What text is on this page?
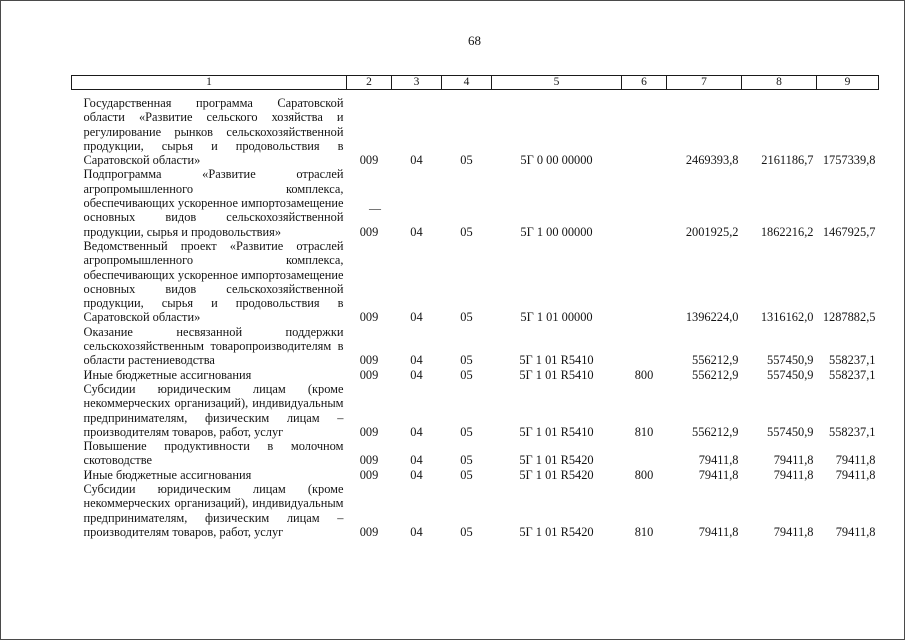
68
—
1	2	3	4	5	6	7	8	9
Государственная программа Саратовской области «Развитие сельского хозяйства и регулирование рынков сельскохозяйственной продукции, сырья и продовольствия в Саратовской области»	009	04	05	5Г 0 00 00000		2469393,8	2161186,7	1757339,8
Подпрограмма «Развитие отраслей агропромышленного комплекса, обеспечивающих ускоренное импортозамещение основных видов сельскохозяйственной продукции, сырья и продовольствия»	009	04	05	5Г 1 00 00000		2001925,2	1862216,2	1467925,7
Ведомственный проект «Развитие отраслей агропромышленного комплекса, обеспечивающих ускоренное импортозамещение основных видов сельскохозяйственной продукции, сырья и продовольствия в Саратовской области»	009	04	05	5Г 1 01 00000		1396224,0	1316162,0	1287882,5
Оказание несвязанной поддержки сельскохозяйственным товаропроизводителям в области растениеводства	009	04	05	5Г 1 01 R5410		556212,9	557450,9	558237,1
Иные бюджетные ассигнования	009	04	05	5Г 1 01 R5410	800	556212,9	557450,9	558237,1
Субсидии юридическим лицам (кроме некоммерческих организаций), индивидуальным предпринимателям, физическим лицам – производителям товаров, работ, услуг	009	04	05	5Г 1 01 R5410	810	556212,9	557450,9	558237,1
Повышение продуктивности в молочном скотоводстве	009	04	05	5Г 1 01 R5420		79411,8	79411,8	79411,8
Иные бюджетные ассигнования	009	04	05	5Г 1 01 R5420	800	79411,8	79411,8	79411,8
Субсидии юридическим лицам (кроме некоммерческих организаций), индивидуальным предпринимателям, физическим лицам – производителям товаров, работ, услуг	009	04	05	5Г 1 01 R5420	810	79411,8	79411,8	79411,8
